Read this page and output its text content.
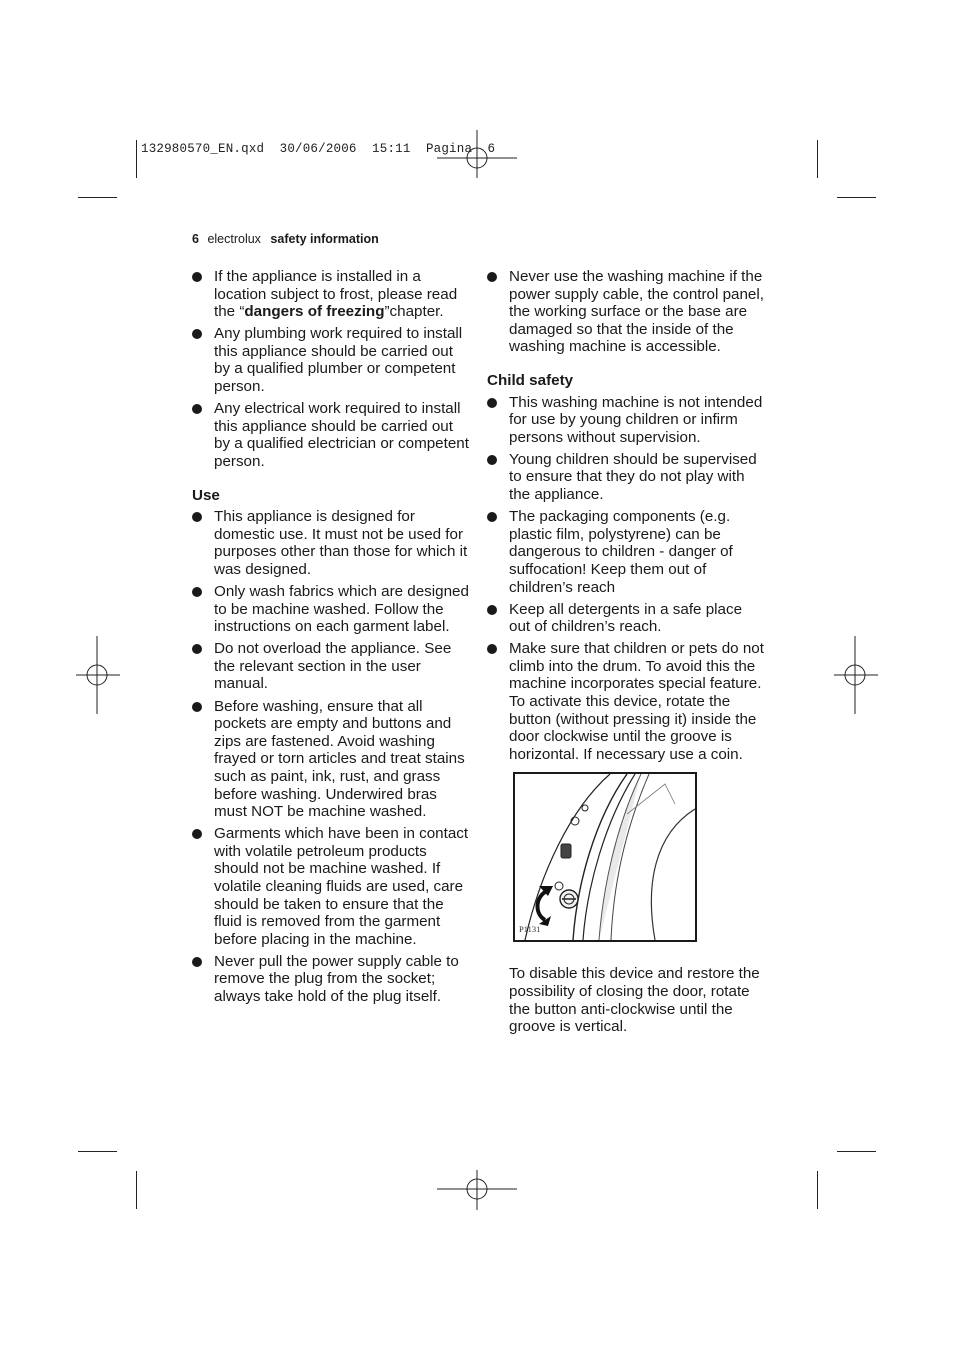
132980570_EN.qxd  30/06/2006  15:11  Pagina  6
6 electrolux safety information
If the appliance is installed in a location subject to frost, please read the “dangers of freezing”chapter.
Any plumbing work required to install this appliance should be carried out by a qualified plumber or competent person.
Any electrical work required to install this appliance should be carried out by a qualified electrician or competent person.
Use
This appliance is designed for domestic use. It must not be used for purposes other than those for which it was designed.
Only wash fabrics which are designed to be machine washed. Follow the instructions on each garment label.
Do not overload the appliance. See the relevant section in the user manual.
Before washing, ensure that all pockets are empty and buttons and zips are fastened. Avoid washing frayed or torn articles and treat stains such as paint, ink, rust, and grass before washing. Underwired bras must NOT be machine washed.
Garments which have been in contact with volatile petroleum products should not be machine washed. If volatile cleaning fluids are used, care should be taken to ensure that the fluid is removed from the garment before placing in the machine.
Never pull the power supply cable to remove the plug from the socket; always take hold of the plug itself.
Never use the washing machine if the power supply cable, the control panel, the working surface or the base are damaged so that the inside of the washing machine is accessible.
Child safety
This washing machine is not intended for use by young children or infirm persons without supervision.
Young children should be supervised to ensure that they do not play with the appliance.
The packaging components (e.g. plastic film, polystyrene) can be dangerous to children - danger of suffocation! Keep them out of children’s reach
Keep all detergents in a safe place out of children’s reach.
Make sure that children or pets do not climb into the drum. To avoid this the machine incorporates special feature. To activate this device, rotate the button (without pressing it) inside the door clockwise until the groove is horizontal. If necessary use a coin.
P1131
To disable this device and restore the possibility of closing the door, rotate the button anti-clockwise until the groove is vertical.
